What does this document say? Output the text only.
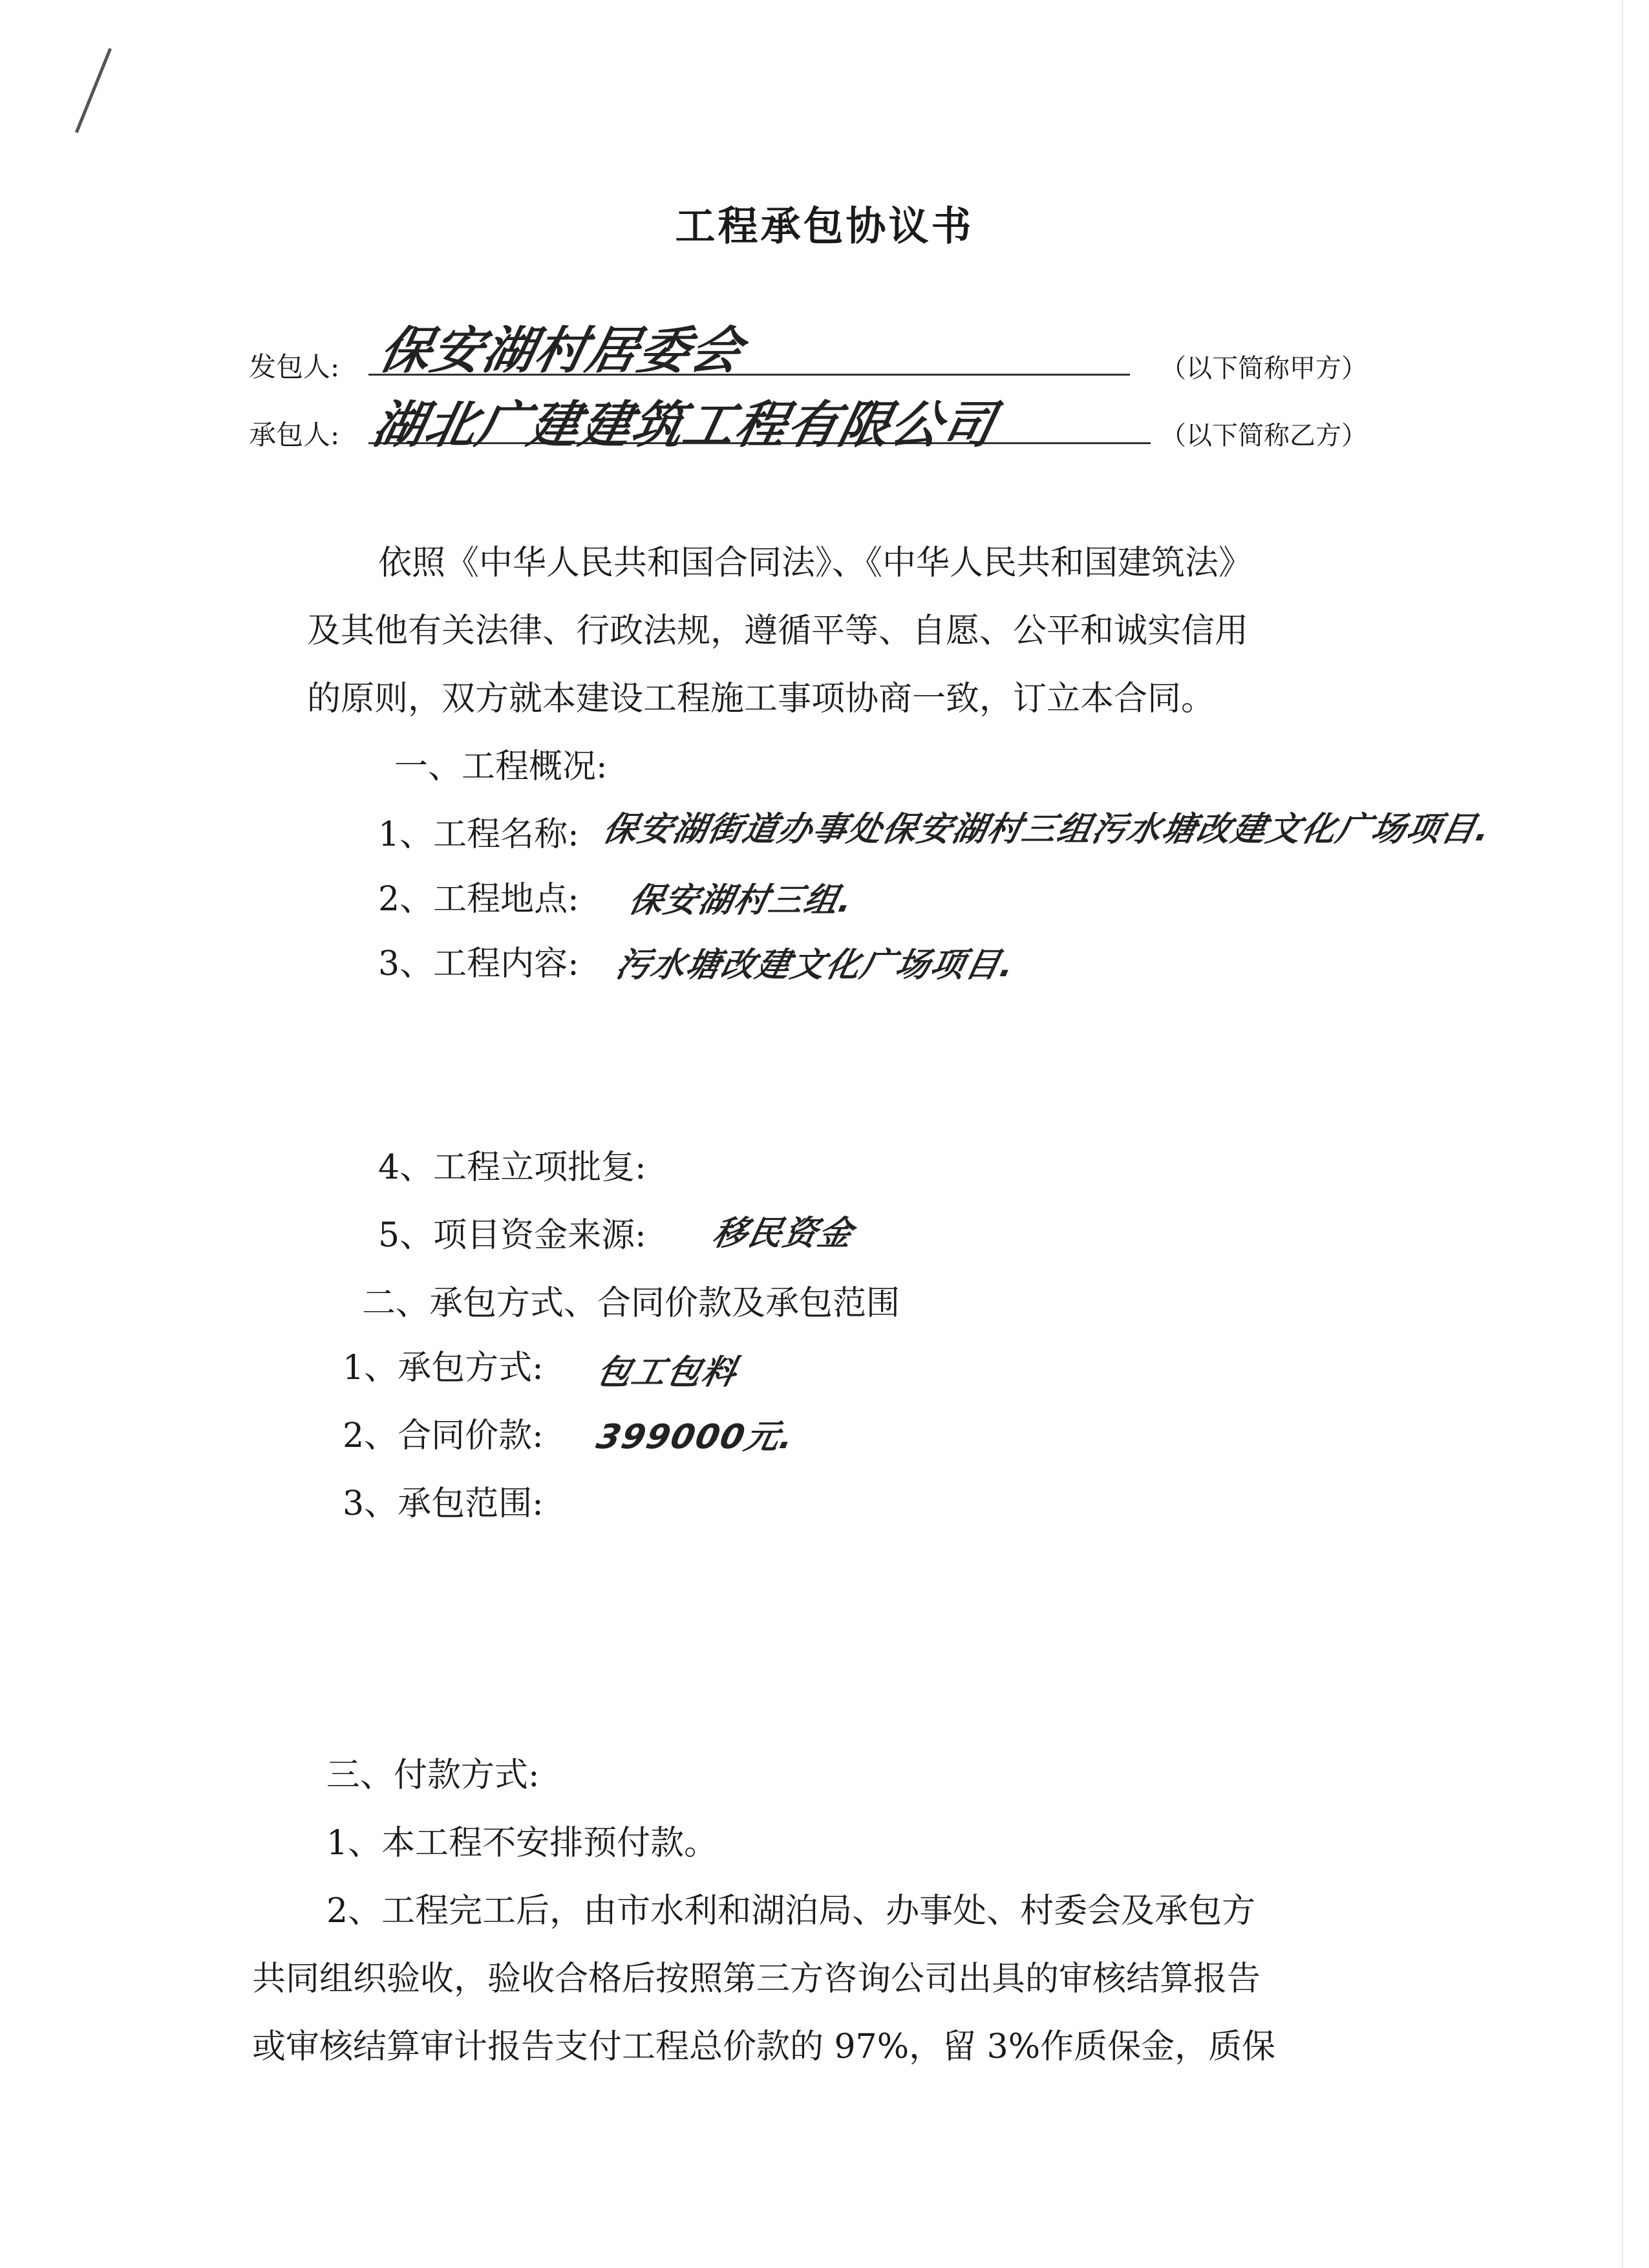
工程承包协议书
发包人: 保安湖村居委会	（以下简称甲方）
承包人: 湖北广建建筑工程有限公司	（以下简称乙方）
依照《中华人民共和国合同法》、《中华人民共和国建筑法》
及其他有关法律、行政法规，遵循平等、自愿、公平和诚实信用
的原则，双方就本建设工程施工事项协商一致，订立本合同。
一、工程概况:
1、工程名称: 保安湖街道办事处保安湖村三组污水塘改建文化广场项目.
2、工程地点: 保安湖村三组.
3、工程内容: 污水塘改建文化广场项目.
4、工程立项批复:
5、项目资金来源: 移民资金
二、承包方式、合同价款及承包范围
1、承包方式: 包工包料
2、合同价款: 399000元.
3、承包范围:
三、付款方式:
1、本工程不安排预付款。
2、工程完工后，由市水利和湖泊局、办事处、村委会及承包方
共同组织验收，验收合格后按照第三方咨询公司出具的审核结算报告
或审核结算审计报告支付工程总价款的 97%，留 3%作质保金，质保
